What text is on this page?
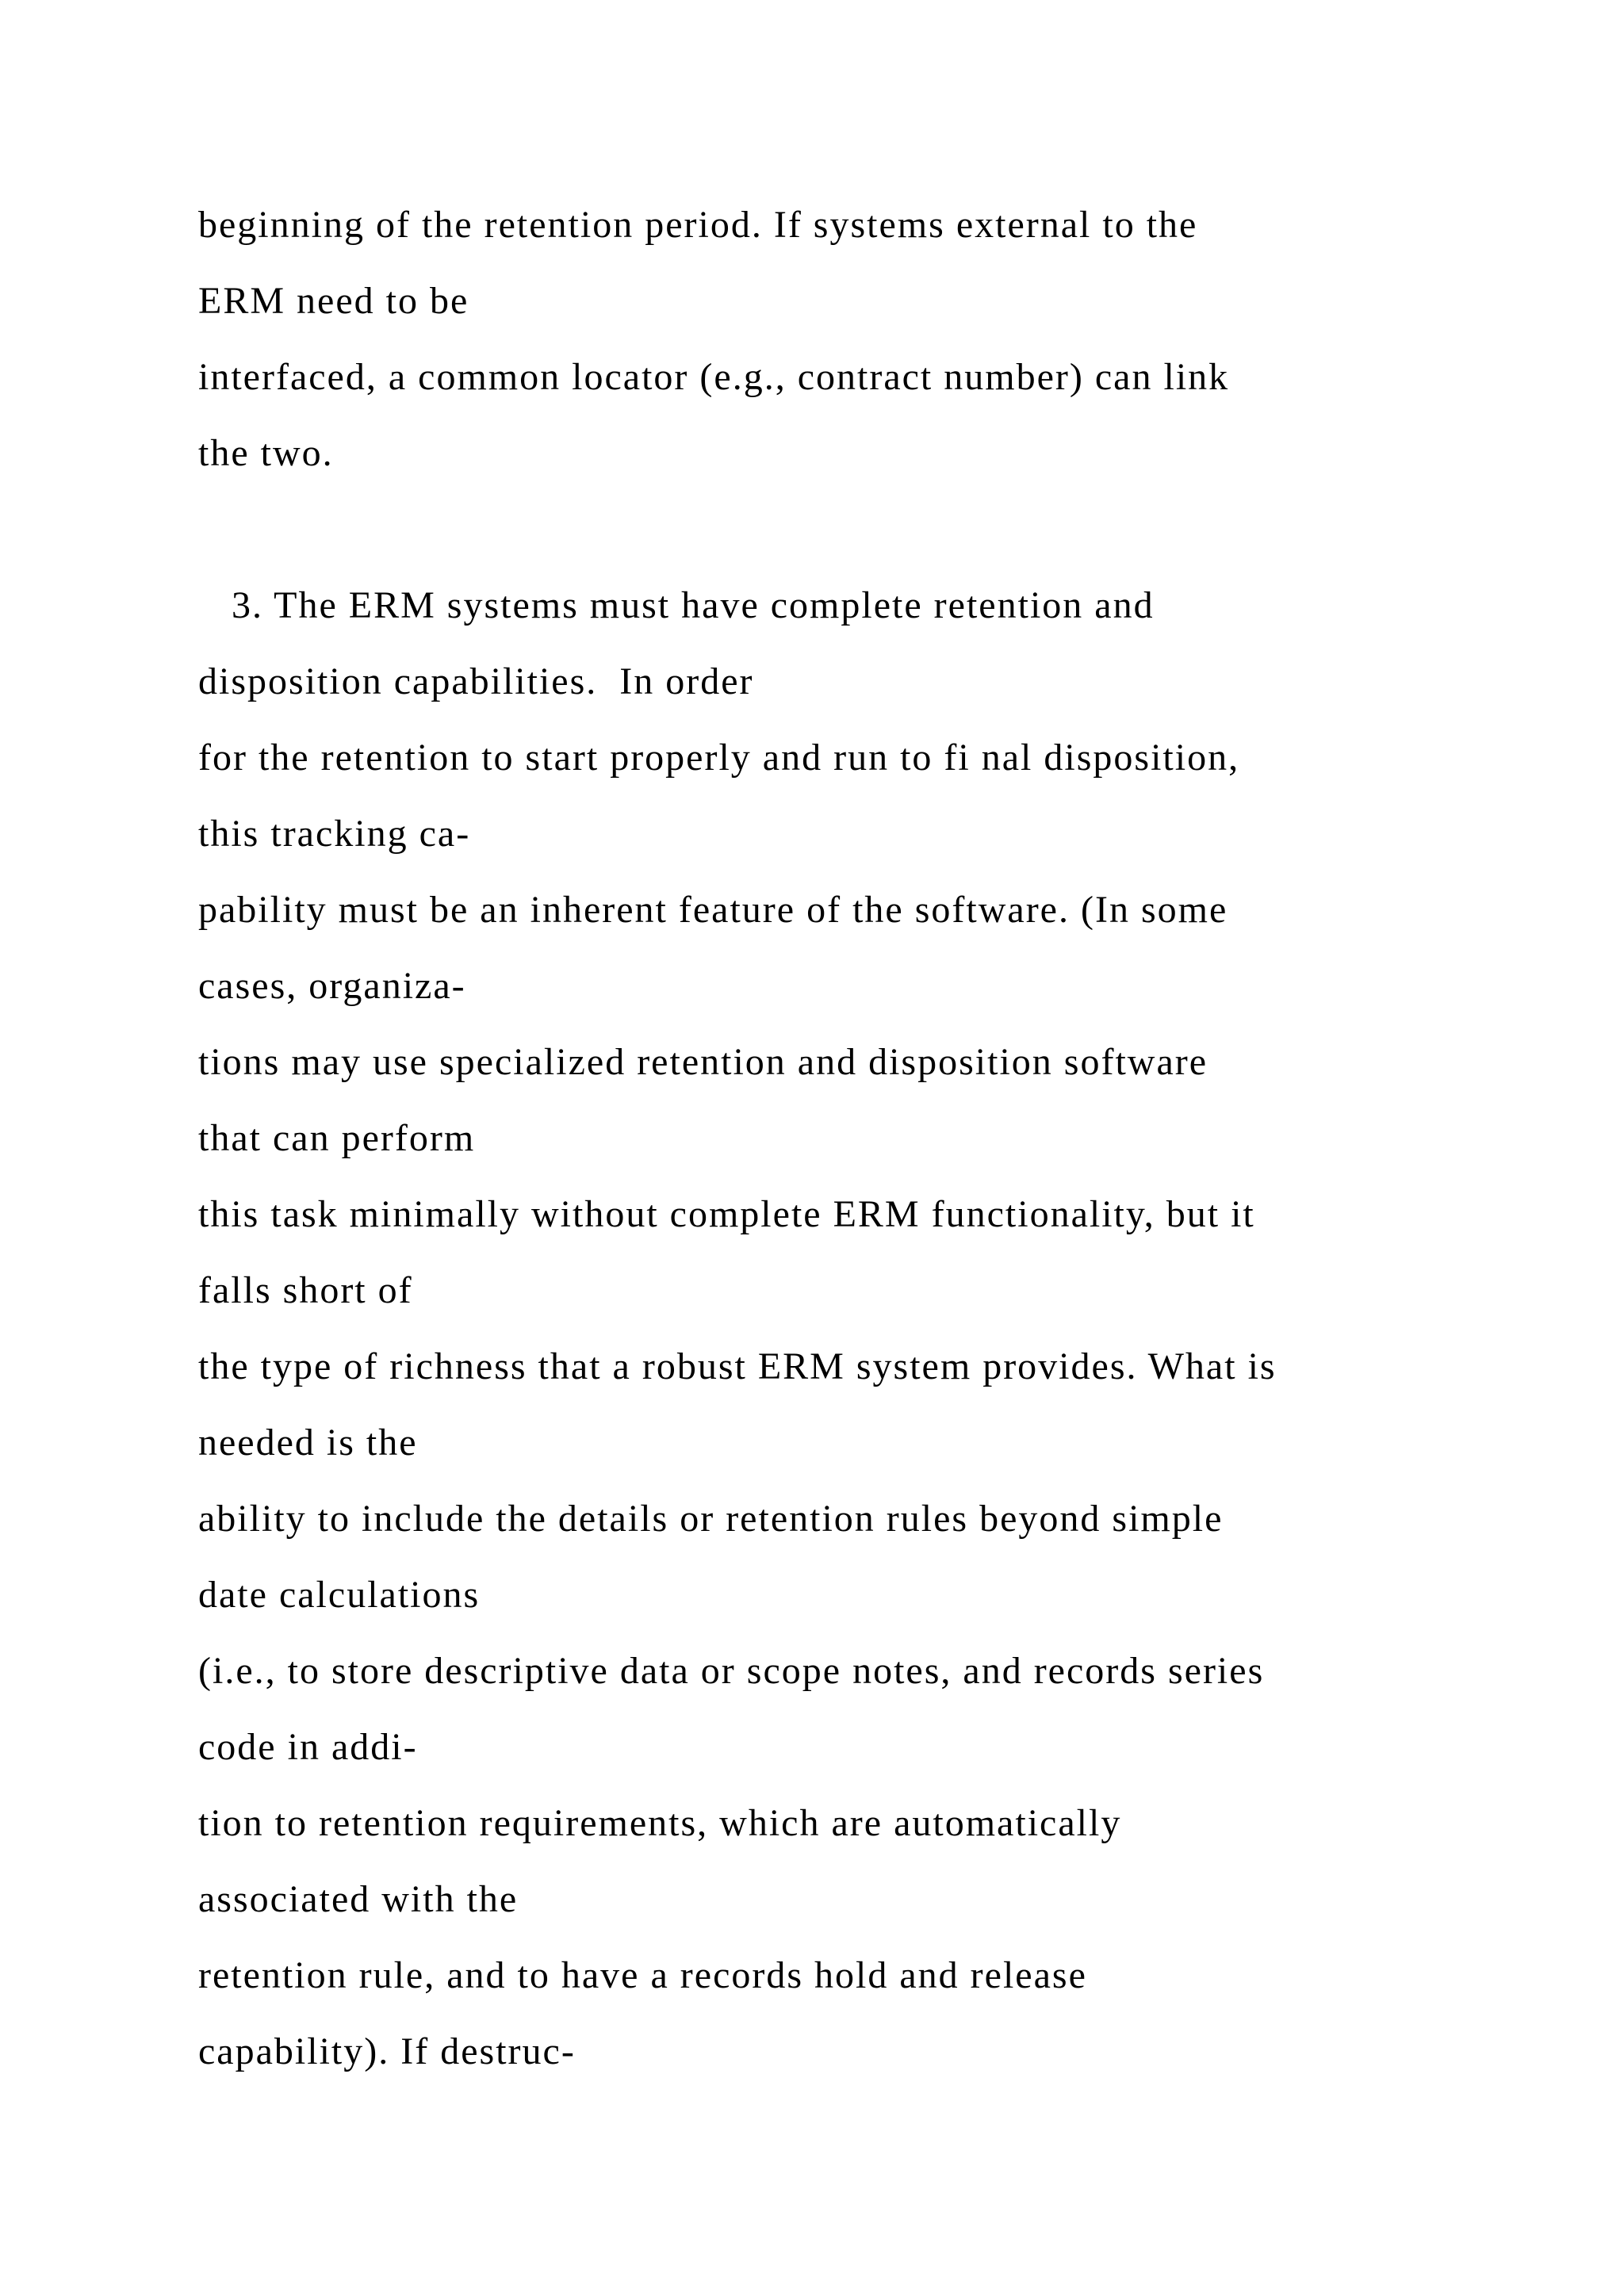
beginning of the retention period. If systems external to the
ERM need to be
interfaced, a common locator (e.g., contract number) can link
the two.
3. The ERM systems must have complete retention and
disposition capabilities.  In order
for the retention to start properly and run to fi nal disposition,
this tracking ca-
pability must be an inherent feature of the software. (In some
cases, organiza-
tions may use specialized retention and disposition software
that can perform
this task minimally without complete ERM functionality, but it
falls short of
the type of richness that a robust ERM system provides. What is
needed is the
ability to include the details or retention rules beyond simple
date calculations
(i.e., to store descriptive data or scope notes, and records series
code in addi-
tion to retention requirements, which are automatically
associated with the
retention rule, and to have a records hold and release
capability). If destruc-
